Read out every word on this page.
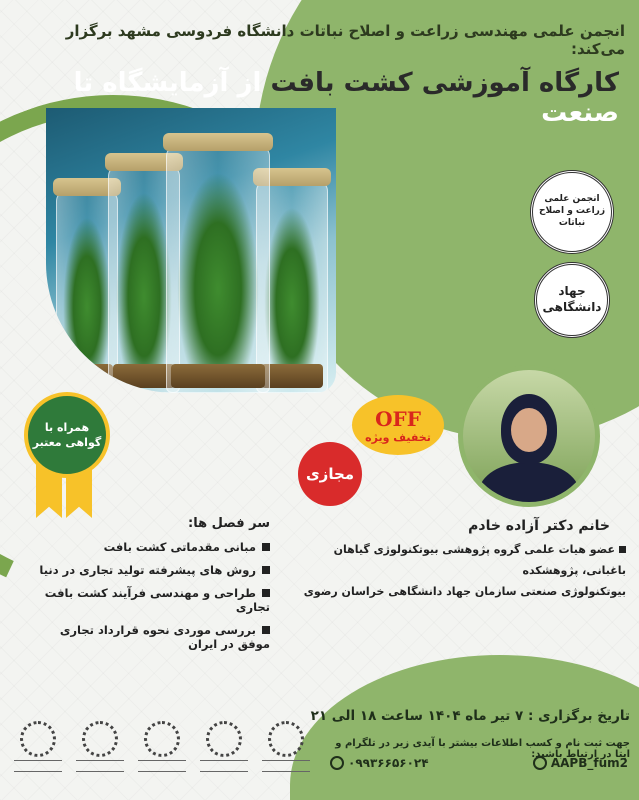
انجمن علمی مهندسی زراعت و اصلاح نباتات دانشگاه فردوسی مشهد برگزار می‌کند:
کارگاه آموزشی کشت بافت از آزمایشگاه تا صنعت
انجمن علمی زراعت و اصلاح نباتات
جهاد دانشگاهی
OFF
تخفیف ویژه
مجازی
همراه با گواهی معتبر
خانم دکتر آزاده خادم
عضو هیات علمی گروه پژوهشی بیوتکنولوژی گیاهان باغبانی، پژوهشکده
بیوتکنولوژی صنعتی سازمان جهاد دانشگاهی خراسان رضوی
سر فصل ها:
مبانی مقدماتی کشت بافت
روش های پیشرفته تولید تجاری در دنیا
طراحی و مهندسی فرآیند کشت بافت تجاری
بررسی موردی نحوه قرارداد تجاری موفق در ایران
تاریخ برگزاری : ۷ تیر ماه ۱۴۰۴ ساعت ۱۸ الی ۲۱
جهت ثبت نام و کسب اطلاعات بیشتر با آیدی زیر در تلگرام و ایتا در ارتباط باشید:
۰۹۹۳۶۶۵۶۰۲۴	AAPB_fum2
